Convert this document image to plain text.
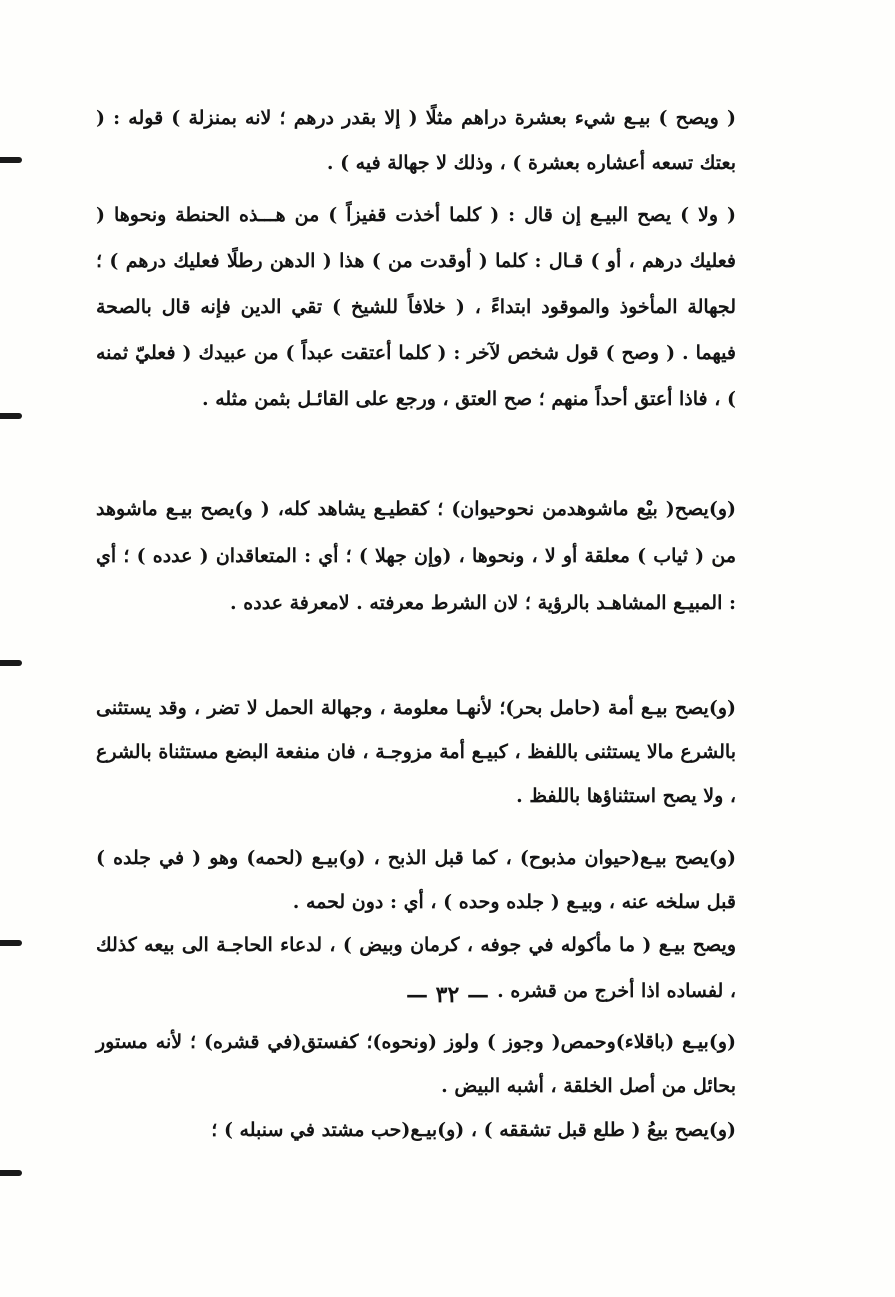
( ويصح ) بيـع شيء بعشرة دراهم مثلًا ( إلا بقدر درهم ؛ لانه بمنزلة ) قوله : ( بعتك تسعه أعشاره بعشرة ) ، وذلك لا جهالة فيه ) .

( ولا ) يصح البيـع إن قال : ( كلما أخذت قفيزاً ) من هـــذه الحنطة ونحوها ( فعليك درهم ، أو ) قـال : كلما ( أوقدت من ) هذا ( الدهن رطلًا فعليك درهم ) ؛ لجهالة المأخوذ والموقود ابتداءً ، ( خلافاً للشيخ ) تقي الدين فإنه قال بالصحة فيهما . ( وصح ) قول شخص لآخر : ( كلما أعتقت عبداً ) من عبيدك ( فعليّ ثمنه ) ، فاذا أعتق أحداً منهم ؛ صح العتق ، ورجع على القائـل بثمن مثله .

(و)يصح( بيْع ماشوهدمن نحوحيوان) ؛ كقطيـع يشاهد كله، ( و)يصح بيـع ماشوهد من ( ثياب ) معلقة أو لا ، ونحوها ، (وإن جهلا ) ؛ أي : المتعاقدان ( عدده ) ؛ أي : المبيـع المشاهـد بالرؤية ؛ لان الشرط معرفته . لامعرفة عدده .

(و)يصح بيـع أمة (حامل بحر)؛ لأنهـا معلومة ، وجهالة الحمل لا تضر ، وقد يستثنى بالشرع مالا يستثنى باللفظ ، كبيـع أمة مزوجـة ، فان منفعة البضع مستثناة بالشرع ، ولا يصح استثناؤها باللفظ .

(و)يصح بيـع(حيوان مذبوح) ، كما قبل الذبح ، (و)بيـع (لحمه) وهو ( في جلده ) قبل سلخه عنه ، وبيـع ( جلده وحده ) ، أي : دون لحمه .

ويصح بيـع ( ما مأكوله في جوفه ، كرمان وبيض ) ، لدعاء الحاجـة الى بيعه كذلك ، لفساده اذا أخرج من قشره .

(و)بيـع (باقلاء)وحمص( وجوز ) ولوز (ونحوه)؛ كفستق(في قشره) ؛ لأنه مستور بحائل من أصل الخلقة ، أشبه البيض .

(و)يصح بيعُ ( طلع قبل تشققه ) ، (و)بيـع(حب مشتد في سنبله ) ؛

— ٣٢ —
